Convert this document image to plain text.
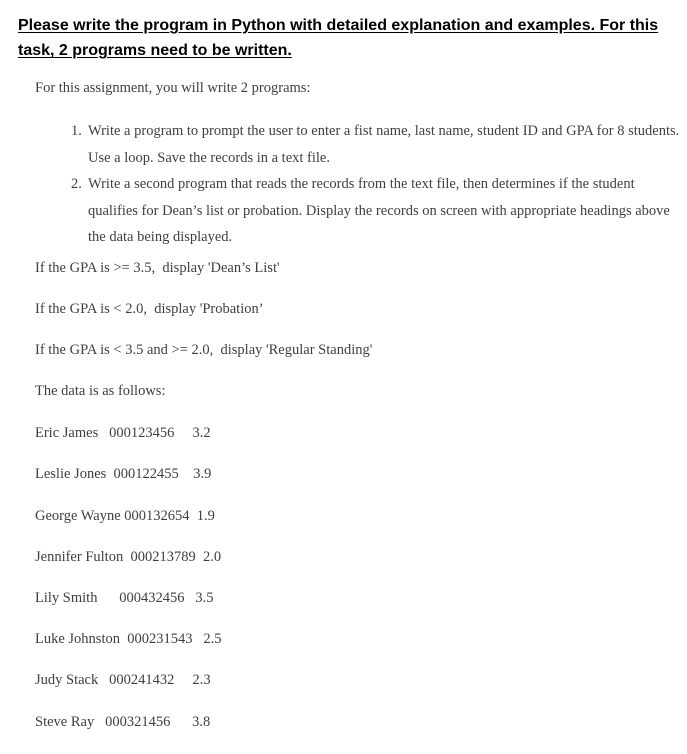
Please write the program in Python with detailed explanation and examples. For this task, 2 programs need to be written.
For this assignment, you will write 2 programs:
1. Write a program to prompt the user to enter a fist name, last name, student ID and GPA for 8 students. Use a loop. Save the records in a text file.
2. Write a second program that reads the records from the text file, then determines if the student qualifies for Dean’s list or probation. Display the records on screen with appropriate headings above the data being displayed.
If the GPA is >= 3.5,  display 'Dean’s List'
If the GPA is < 2.0,  display 'Probation’
If the GPA is < 3.5 and >= 2.0,  display 'Regular Standing'
The data is as follows:
Eric James   000123456     3.2
Leslie Jones  000122455    3.9
George Wayne 000132654  1.9
Jennifer Fulton  000213789  2.0
Lily Smith      000432456   3.5
Luke Johnston  000231543   2.5
Judy Stack   000241432     2.3
Steve Ray   000321456      3.8
